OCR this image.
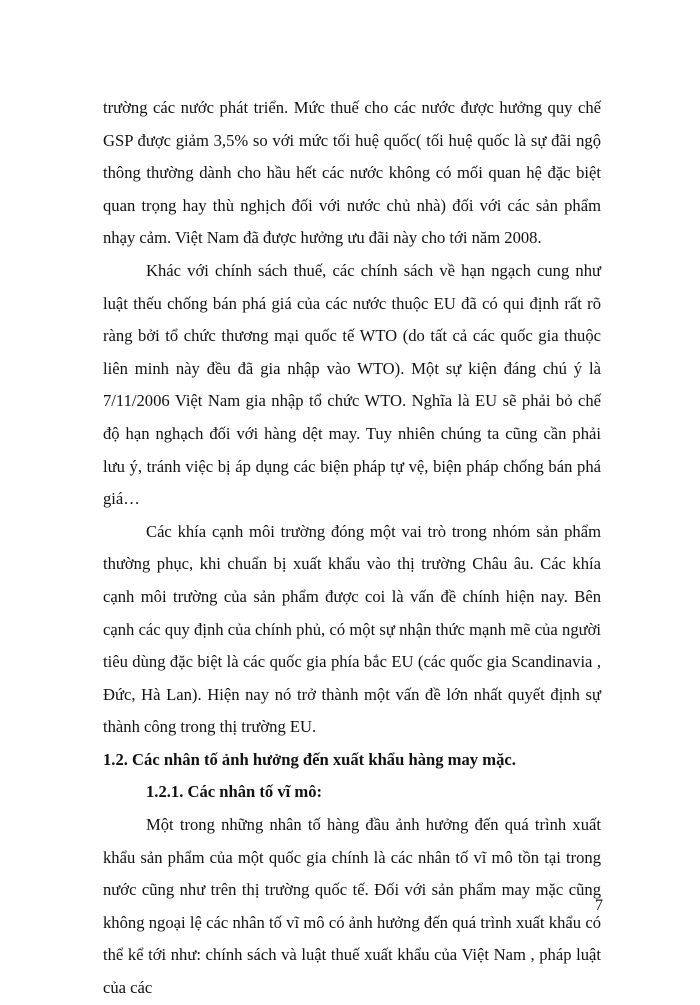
trường các nước phát triển. Mức thuế cho các nước được hưởng quy chế GSP được giảm 3,5% so với mức tối huệ quốc( tối huệ quốc là sự đãi ngộ thông thường dành cho hầu hết các nước không có mối quan hệ đặc biệt quan trọng hay thù nghịch đối với nước chủ nhà) đối với các sản phẩm nhạy cảm. Việt Nam đã được hưởng ưu đãi này cho tới năm 2008.

Khác với chính sách thuế, các chính sách về hạn ngạch cung như luật thếu chống bán phá giá của các nước thuộc EU đã có qui định rất rõ ràng bởi tổ chức thương mại quốc tế WTO (do tất cả các quốc gia thuộc liên minh này đều đã gia nhập vào WTO). Một sự kiện đáng chú ý là 7/11/2006 Việt Nam gia nhập tổ chức WTO. Nghĩa là EU sẽ phải bỏ chế độ hạn nghạch đối với hàng dệt may. Tuy nhiên chúng ta cũng cần phải lưu ý, tránh việc bị áp dụng các biện pháp tự vệ, biện pháp chống bán phá giá…

Các khía cạnh môi trường đóng một vai trò trong nhóm sản phẩm thường phục, khi chuẩn bị xuất khẩu vào thị trường Châu âu. Các khía cạnh môi trường của sản phẩm được coi là vấn đề chính hiện nay. Bên cạnh các quy định của chính phủ, có một sự nhận thức mạnh mẽ của người tiêu dùng đặc biệt là các quốc gia phía bắc EU (các quốc gia Scandinavia , Đức, Hà Lan). Hiện nay nó trở thành một vấn đề lớn nhất quyết định sự thành công trong thị trường EU.

1.2. Các nhân tố ảnh hưởng đến xuất khẩu hàng may mặc.

1.2.1. Các nhân tố vĩ mô:

Một trong những nhân tố hàng đầu ảnh hưởng đến quá trình xuất khẩu sản phẩm của một quốc gia chính là các nhân tố vĩ mô tồn tại trong nước cũng như trên thị trường quốc tế. Đối với sản phẩm may mặc cũng không ngoại lệ các nhân tố vĩ mô có ảnh hưởng đến quá trình xuất khẩu có thể kể tới như: chính sách và luật thuế xuất khẩu của Việt Nam , pháp luật của các

7
